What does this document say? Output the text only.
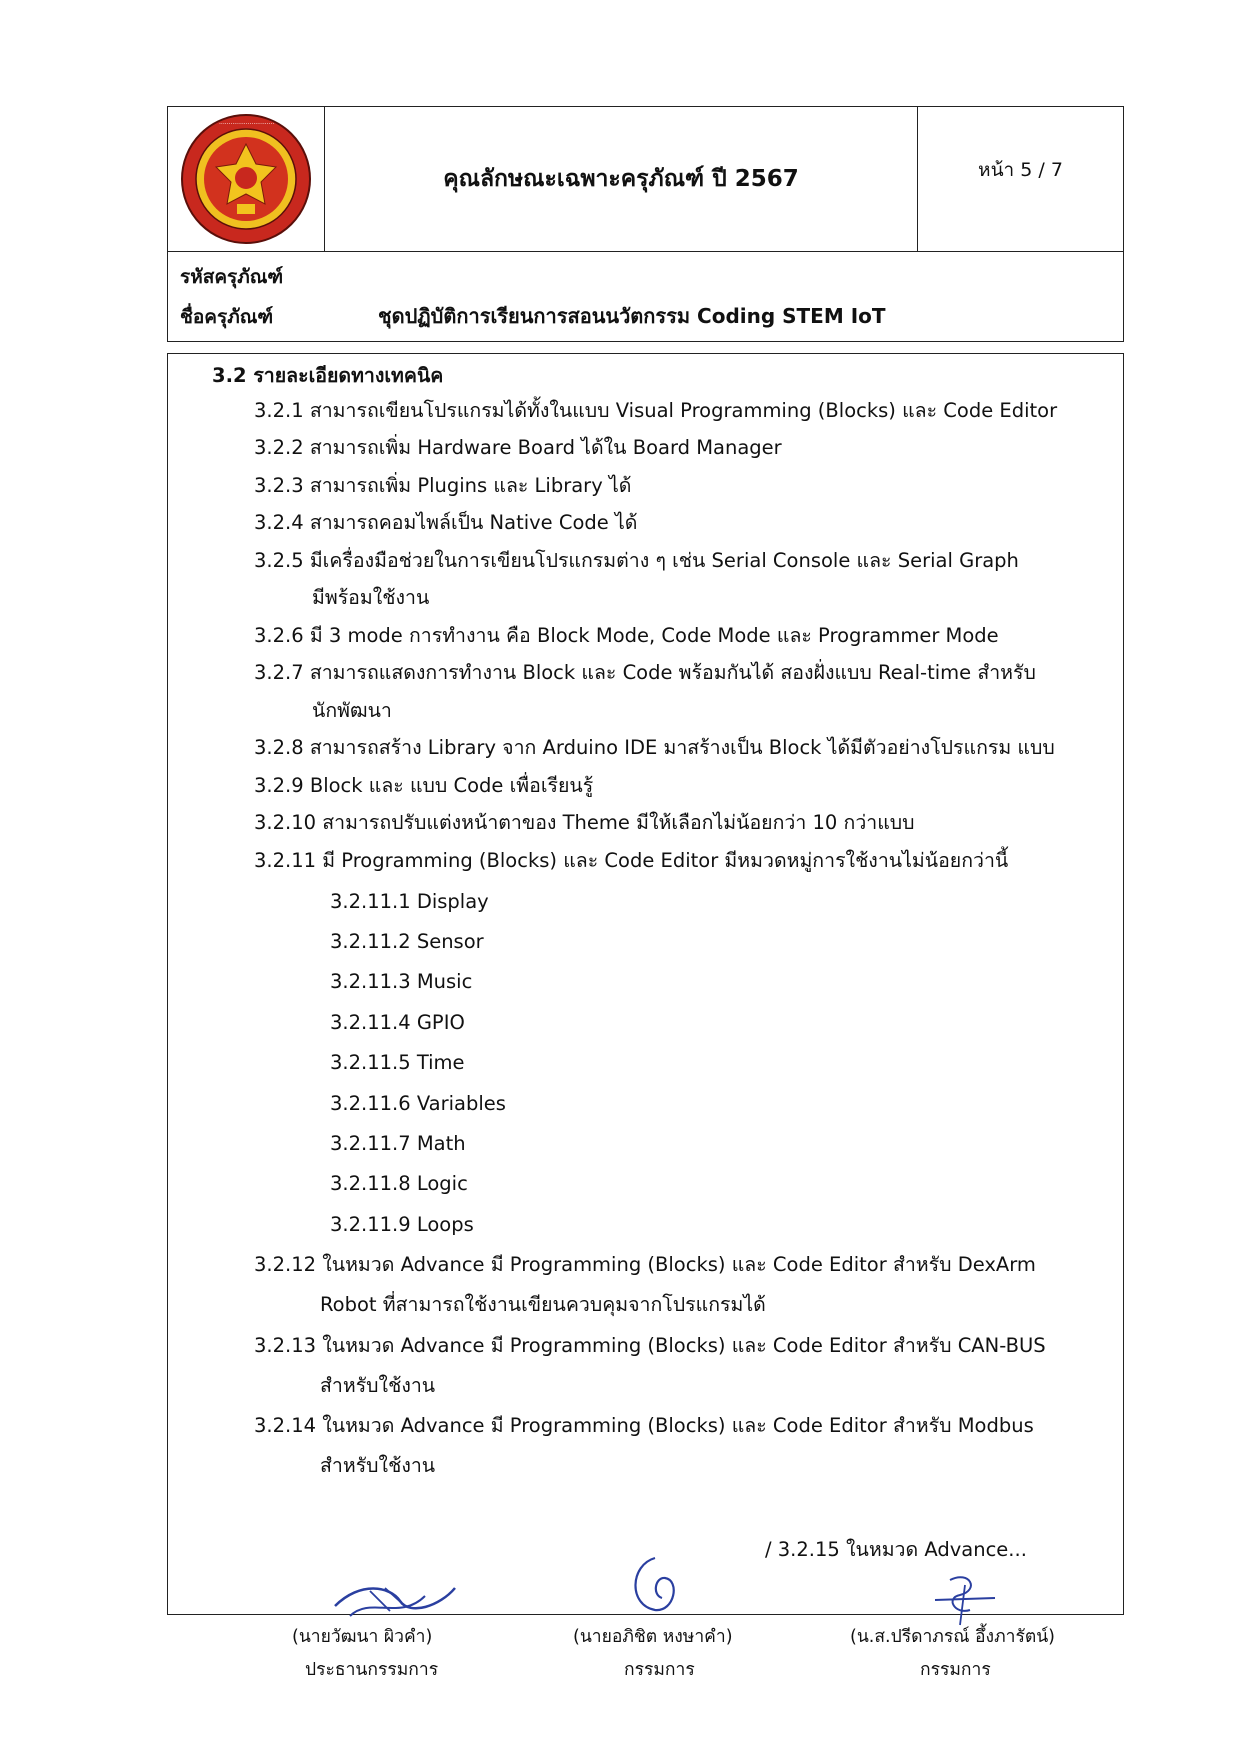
·····························
คุณลักษณะเฉพาะครุภัณฑ์ ปี 2567	หน้า 5 / 7
รหัสครุภัณฑ์
ชื่อครุภัณฑ์	ชุดปฏิบัติการเรียนการสอนนวัตกรรม Coding STEM IoT
3.2 รายละเอียดทางเทคนิค
3.2.1 สามารถเขียนโปรแกรมได้ทั้งในแบบ Visual Programming (Blocks) และ Code Editor
3.2.2 สามารถเพิ่ม Hardware Board ได้ใน Board Manager
3.2.3 สามารถเพิ่ม Plugins และ Library ได้
3.2.4 สามารถคอมไพล์เป็น Native Code ได้
3.2.5 มีเครื่องมือช่วยในการเขียนโปรแกรมต่าง ๆ เช่น Serial Console และ Serial Graph
มีพร้อมใช้งาน
3.2.6 มี 3 mode การทำงาน คือ Block Mode, Code Mode และ Programmer Mode
3.2.7 สามารถแสดงการทำงาน Block และ Code พร้อมกันได้ สองฝั่งแบบ Real-time สำหรับ
นักพัฒนา
3.2.8 สามารถสร้าง Library จาก Arduino IDE มาสร้างเป็น Block ได้มีตัวอย่างโปรแกรม แบบ
3.2.9 Block และ แบบ Code เพื่อเรียนรู้
3.2.10 สามารถปรับแต่งหน้าตาของ Theme มีให้เลือกไม่น้อยกว่า 10 กว่าแบบ
3.2.11 มี Programming (Blocks) และ Code Editor มีหมวดหมู่การใช้งานไม่น้อยกว่านี้
3.2.11.1 Display
3.2.11.2 Sensor
3.2.11.3 Music
3.2.11.4 GPIO
3.2.11.5 Time
3.2.11.6 Variables
3.2.11.7 Math
3.2.11.8 Logic
3.2.11.9 Loops
3.2.12 ในหมวด Advance มี Programming (Blocks) และ Code Editor สำหรับ DexArm
Robot ที่สามารถใช้งานเขียนควบคุมจากโปรแกรมได้
3.2.13 ในหมวด Advance มี Programming (Blocks) และ Code Editor สำหรับ CAN-BUS
สำหรับใช้งาน
3.2.14 ในหมวด Advance มี Programming (Blocks) และ Code Editor สำหรับ Modbus
สำหรับใช้งาน
/ 3.2.15 ในหมวด Advance...
(นายวัฒนา ผิวคำ)
ประธานกรรมการ
(นายอภิชิต หงษาคำ)
กรรมการ
(น.ส.ปรีดาภรณ์ อึ้งภารัตน์)
กรรมการ
